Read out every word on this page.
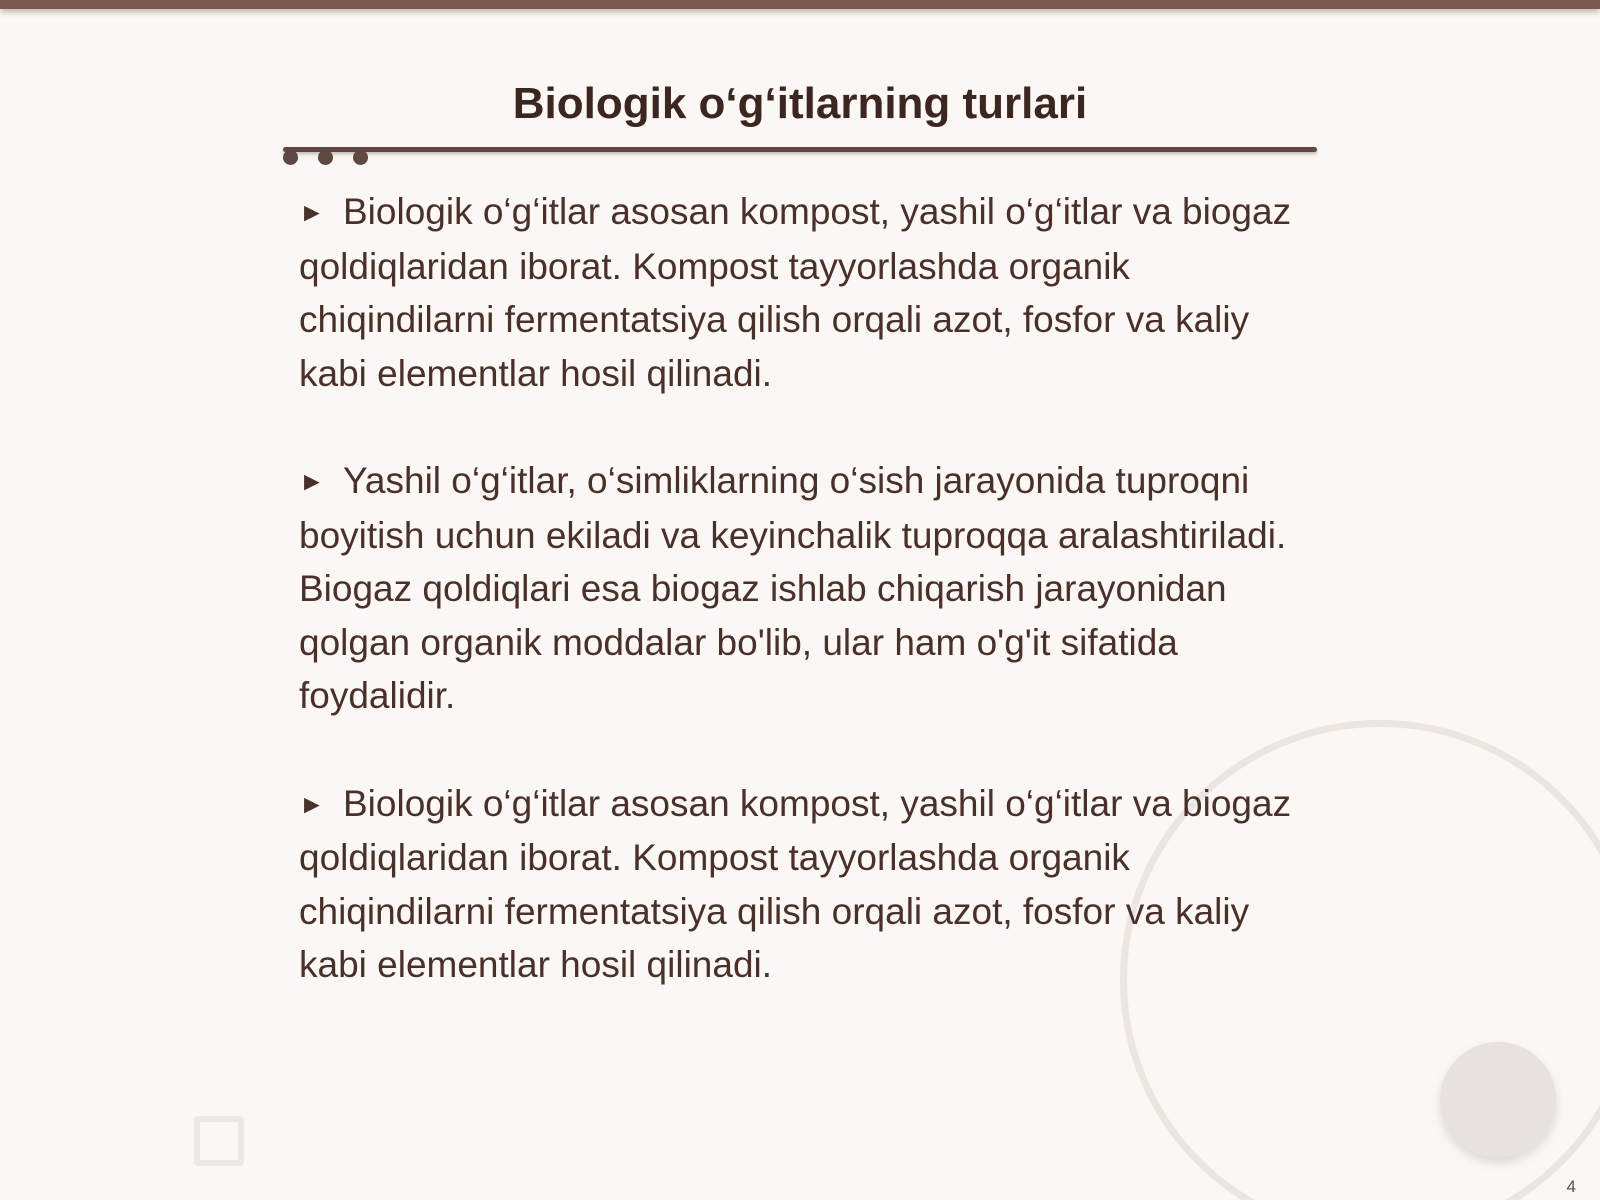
Biologik o‘g‘itlarning turlari

► Biologik o‘g‘itlar asosan kompost, yashil o‘g‘itlar va biogaz qoldiqlaridan iborat. Kompost tayyorlashda organik chiqindilarni fermentatsiya qilish orqali azot, fosfor va kaliy kabi elementlar hosil qilinadi.

► Yashil o‘g‘itlar, o‘simliklarning o‘sish jarayonida tuproqni boyitish uchun ekiladi va keyinchalik tuproqqa aralashtiriladi. Biogaz qoldiqlari esa biogaz ishlab chiqarish jarayonidan qolgan organik moddalar bo'lib, ular ham o'g'it sifatida foydalidir.

► Biologik o‘g‘itlar asosan kompost, yashil o‘g‘itlar va biogaz qoldiqlaridan iborat. Kompost tayyorlashda organik chiqindilarni fermentatsiya qilish orqali azot, fosfor va kaliy kabi elementlar hosil qilinadi.

4
